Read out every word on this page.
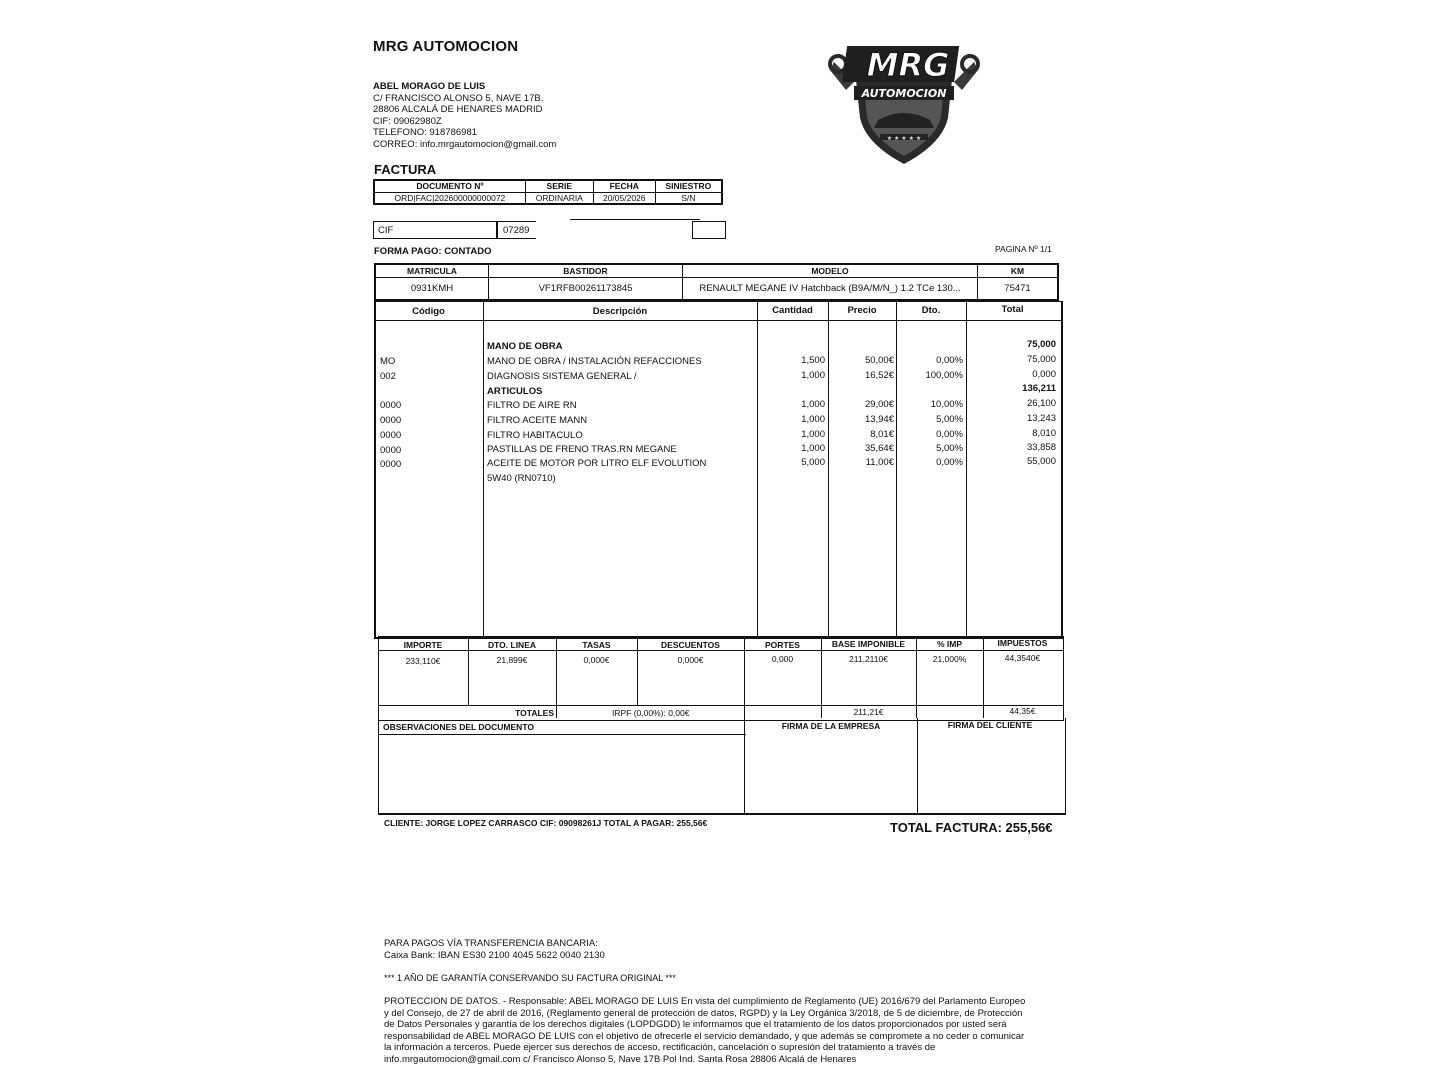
MRG AUTOMOCION
ABEL MORAGO DE LUIS
C/ FRANCISCO ALONSO 5, NAVE 17B.
28806 ALCALÁ DE HENARES MADRID
CIF: 09062980Z
TELEFONO: 918786981
CORREO: info.mrgautomocion@gmail.com
MRG
AUTOMOCION
★ ★ ★ ★ ★
FACTURA
DOCUMENTO Nº	SERIE	FECHA	SINIESTRO
ORD|FAC|202600000000072	ORDINARIA	20/05/2026	S/N
CIF	07289
FORMA PAGO: CONTADO	PAGINA Nº 1/1
MATRICULA	BASTIDOR	MODELO	KM
0931KMH	VF1RFB00261173845	RENAULT MEGANE IV Hatchback (B9A/M/N_) 1.2 TCe 130...	75471
Código	Descripción	Cantidad	Precio	Dto.	Total
MANO DE OBRA	75,000
MO	MANO DE OBRA / INSTALACIÓN REFACCIONES	1,500	50,00€	0,00%	75,000
002	DIAGNOSIS SISTEMA GENERAL /	1,000	16,52€	100,00%	0,000
ARTICULOS	136,211
0000	FILTRO DE AIRE RN	1,000	29,00€	10,00%	26,100
0000	FILTRO ACEITE MANN	1,000	13,94€	5,00%	13,243
0000	FILTRO HABITACULO	1,000	8,01€	0,00%	8,010
0000	PASTILLAS DE FRENO TRAS.RN MEGANE	1,000	35,64€	5,00%	33,858
0000	ACEITE DE MOTOR POR LITRO ELF EVOLUTION	5,000	11,00€	0,00%	55,000
5W40 (RN0710)
IMPORTE	DTO. LINEA	TASAS	DESCUENTOS	PORTES	BASE IMPONIBLE	% IMP	IMPUESTOS
233,110€	21,899€	0,000€	0,000€	0,000	211,2110€	21,000%	44,3540€
TOTALES	IRPF (0,00%): 0,00€	211,21€	44,35€
OBSERVACIONES DEL DOCUMENTO	FIRMA DE LA EMPRESA	FIRMA DEL CLIENTE
CLIENTE: JORGE LOPEZ CARRASCO CIF: 09098261J TOTAL A PAGAR: 255,56€	TOTAL FACTURA: 255,56€
PARA PAGOS VÍA TRANSFERENCIA BANCARIA:
Caixa Bank: IBAN ES30 2100 4045 5622 0040 2130
*** 1 AÑO DE GARANTÍA CONSERVANDO SU FACTURA ORIGINAL ***
PROTECCION DE DATOS. - Responsable: ABEL MORAGO DE LUIS En vista del cumplimiento de Reglamento (UE) 2016/679 del Parlamento Europeo
y del Consejo, de 27 de abril de 2016, (Reglamento general de protección de datos, RGPD) y la Ley Orgánica 3/2018, de 5 de diciembre, de Protección
de Datos Personales y garantía de los derechos digitales (LOPDGDD) le informamos que el tratamiento de los datos proporcionados por usted será
responsabilidad de ABEL MORAGO DE LUIS con el objetivo de ofrecerle el servicio demandado, y que además se compromete a no ceder o comunicar
la información a terceros. Puede ejercer sus derechos de acceso, rectificación, cancelación o supresión del tratamiento a través de
info.mrgautomocion@gmail.com c/ Francisco Alonso 5, Nave 17B Pol Ind. Santa Rosa 28806 Alcalá de Henares
